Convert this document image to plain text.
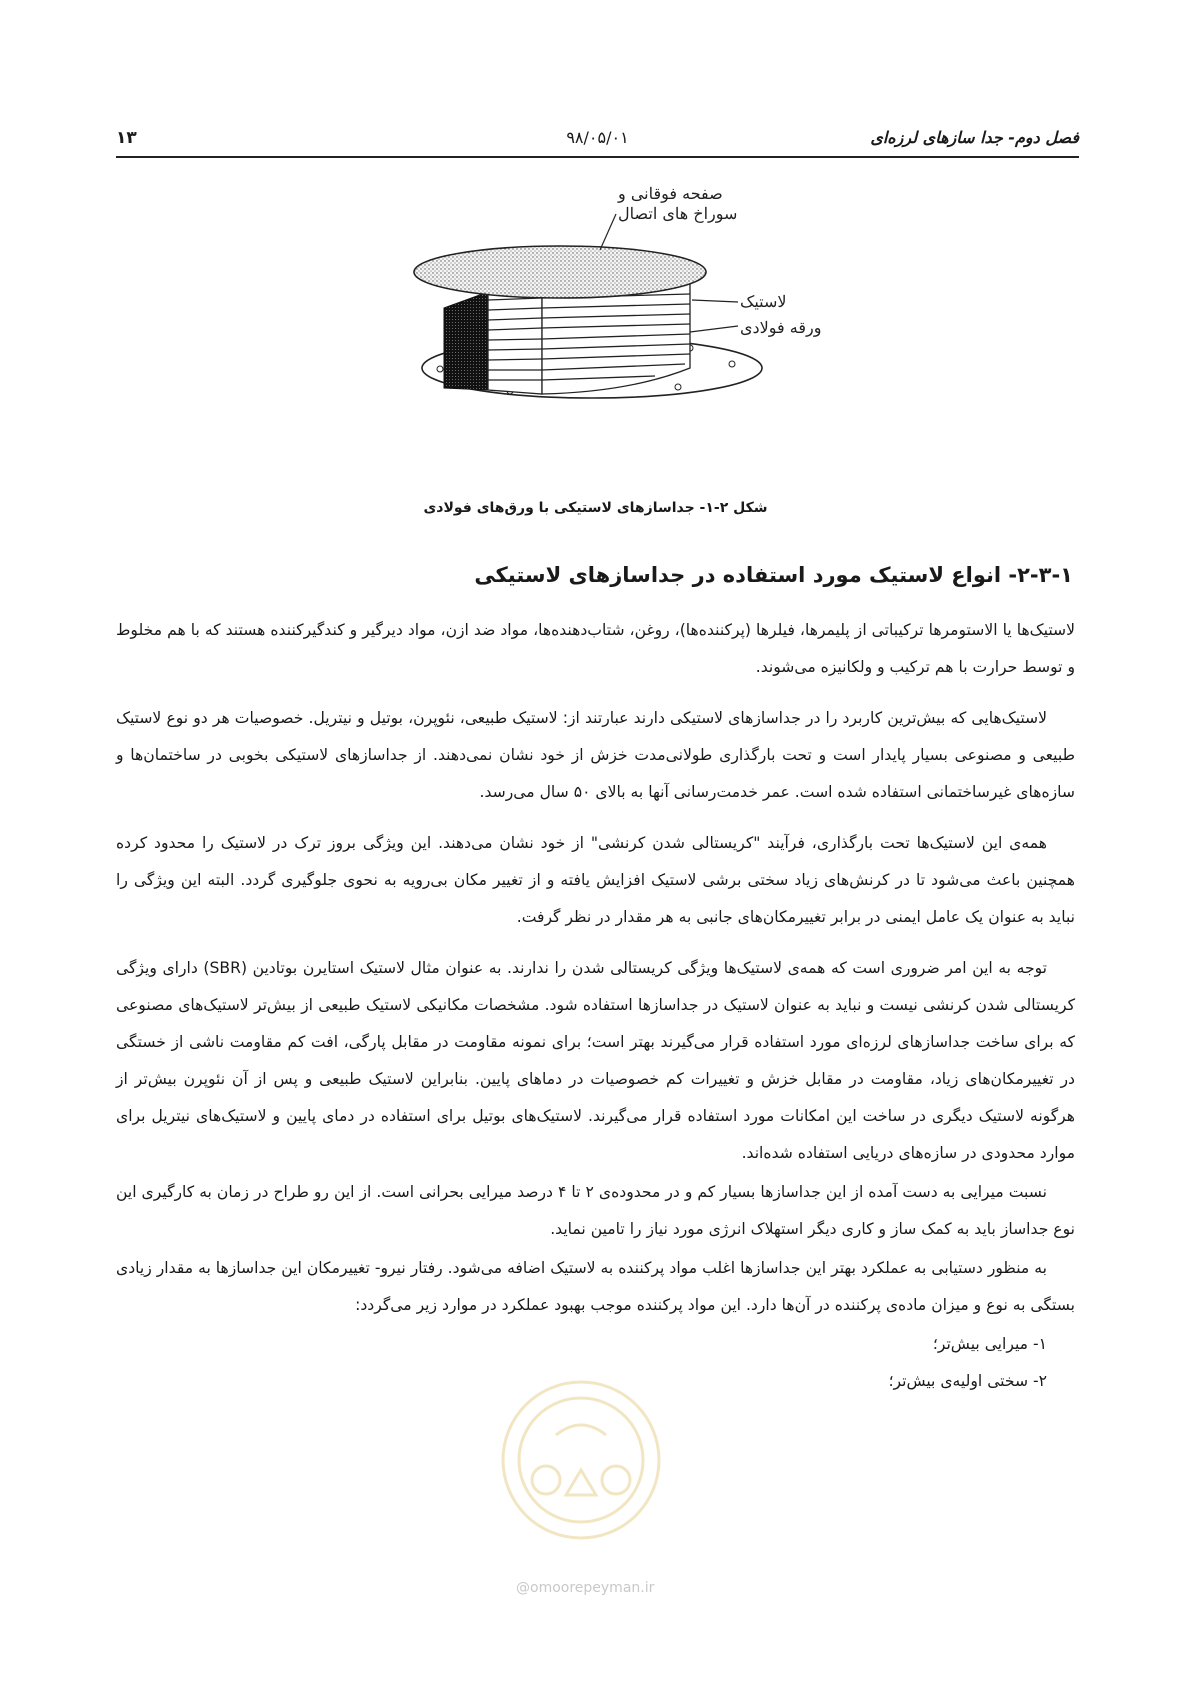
فصل دوم- جدا سازهای لرزه‌ای
۹۸/۰۵/۰۱
۱۳
صفحه فوقانی و
سوراخ های اتصال
لاستیک
ورقه فولادی
شکل ۲-۱- جداسازهای لاستیکی با ورق‌های فولادی
۲-۳-۱- انواع لاستیک مورد استفاده در جداسازهای لاستیکی

لاستیک‌ها یا الاستومرها ترکیباتی از پلیمرها، فیلرها (پرکننده‌ها)، روغن، شتاب‌دهنده‌ها، مواد ضد ازن، مواد دیرگیر و کندگیرکننده هستند که با هم مخلوط و توسط حرارت با هم ترکیب و ولکانیزه می‌شوند.

لاستیک‌هایی که بیش‌ترین کاربرد را در جداسازهای لاستیکی دارند عبارتند از: لاستیک طبیعی، نئوپرن، بوتیل و نیتریل. خصوصیات هر دو نوع لاستیک طبیعی و مصنوعی بسیار پایدار است و تحت بارگذاری طولانی‌مدت خزش از خود نشان نمی‌دهند. از جداسازهای لاستیکی بخوبی در ساختمان‌ها و سازه‌های غیرساختمانی استفاده شده است. عمر خدمت‌رسانی آنها به بالای ۵۰ سال می‌رسد.

همه‌ی این لاستیک‌ها تحت بارگذاری، فرآیند "کریستالی شدن کرنشی" از خود نشان می‌دهند. این ویژگی بروز ترک در لاستیک را محدود کرده همچنین باعث می‌شود تا در کرنش‌های زیاد سختی برشی لاستیک افزایش یافته و از تغییر مکان بی‌رویه به نحوی جلوگیری گردد. البته این ویژگی را نباید به عنوان یک عامل ایمنی در برابر تغییرمکان‌های جانبی به هر مقدار در نظر گرفت.

توجه به این امر ضروری است که همه‌ی لاستیک‌ها ویژگی کریستالی شدن را ندارند. به عنوان مثال لاستیک استایرن بوتادین (SBR) دارای ویژگی کریستالی شدن کرنشی نیست و نباید به عنوان لاستیک در جداسازها استفاده شود. مشخصات مکانیکی لاستیک طبیعی از بیش‌تر لاستیک‌های مصنوعی که برای ساخت جداسازهای لرزه‌ای مورد استفاده قرار می‌گیرند بهتر است؛ برای نمونه مقاومت در مقابل پارگی، افت کم مقاومت ناشی از خستگی در تغییرمکان‌های زیاد، مقاومت در مقابل خزش و تغییرات کم خصوصیات در دماهای پایین. بنابراین لاستیک طبیعی و پس از آن نئوپرن بیش‌تر از هرگونه لاستیک دیگری در ساخت این امکانات مورد استفاده قرار می‌گیرند. لاستیک‌های بوتیل برای استفاده در دمای پایین و لاستیک‌های نیتریل برای موارد محدودی در سازه‌های دریایی استفاده شده‌اند.

نسبت میرایی به دست آمده از این جداسازها بسیار کم و در محدوده‌ی ۲ تا ۴ درصد میرایی بحرانی است. از این رو طراح در زمان به کارگیری این نوع جداساز باید به کمک ساز و کاری دیگر استهلاک انرژی مورد نیاز را تامین نماید.

به منظور دستیابی به عملکرد بهتر این جداسازها اغلب مواد پرکننده به لاستیک اضافه می‌شود. رفتار نیرو- تغییرمکان این جداسازها به مقدار زیادی بستگی به نوع و میزان ماده‌ی پرکننده در آن‌ها دارد. این مواد پرکننده موجب بهبود عملکرد در موارد زیر می‌گردد:

۱- میرایی بیش‌تر؛

۲- سختی اولیه‌ی بیش‌تر؛

@omoorepeyman.ir
